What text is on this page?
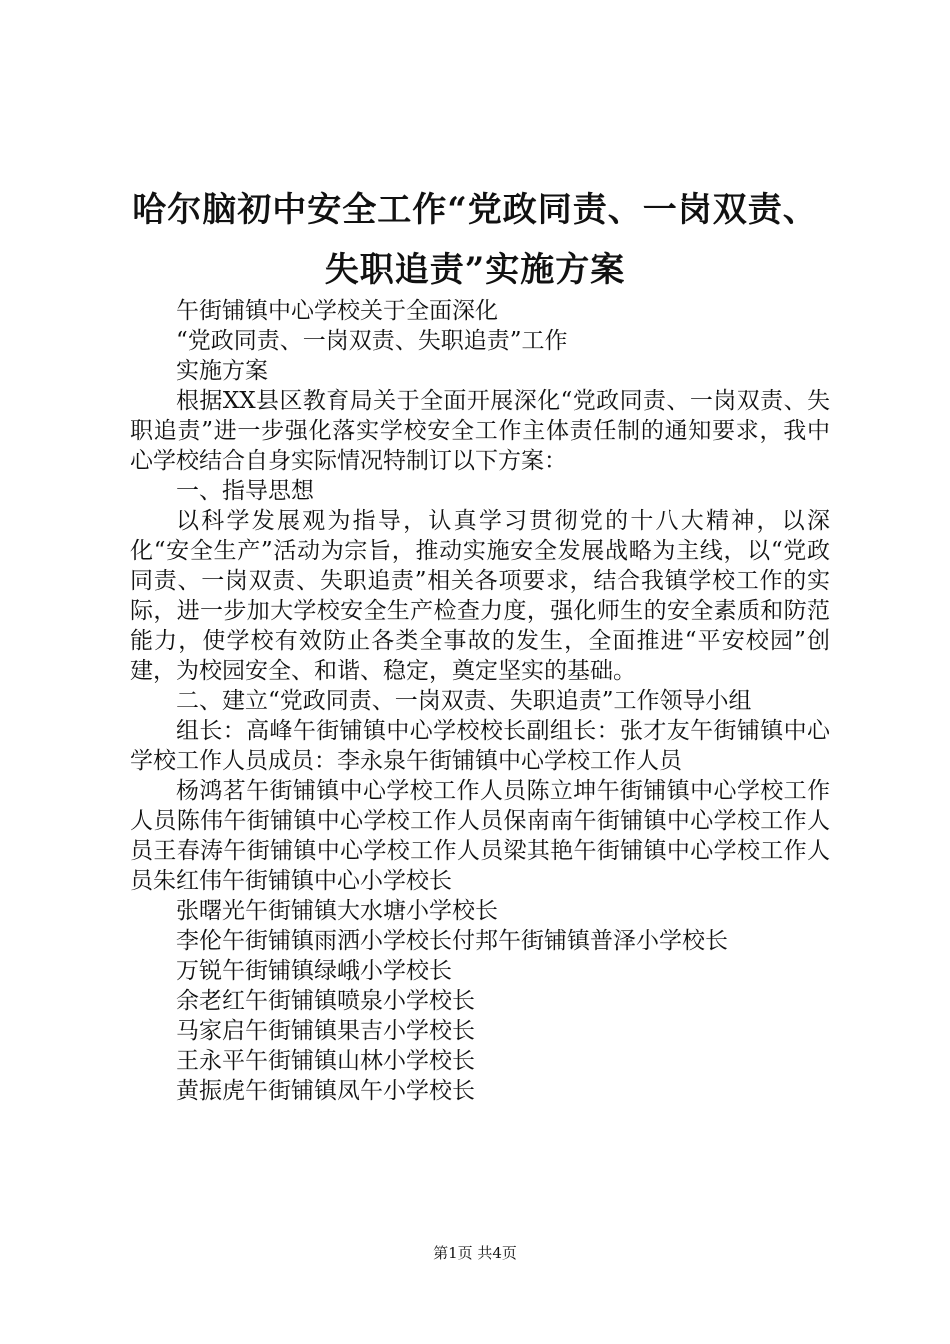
哈尔脑初中安全工作“党政同责、一岗双责、
失职追责”实施方案

午街铺镇中心学校关于全面深化

“党政同责、一岗双责、失职追责”工作

实施方案

根据XX县区教育局关于全面开展深化“党政同责、一岗双责、失职追责”进一步强化落实学校安全工作主体责任制的通知要求，我中心学校结合自身实际情况特制订以下方案：

一、指导思想

以科学发展观为指导，认真学习贯彻党的十八大精神，以深化“安全生产”活动为宗旨，推动实施安全发展战略为主线，以“党政同责、一岗双责、失职追责”相关各项要求，结合我镇学校工作的实际，进一步加大学校安全生产检查力度，强化师生的安全素质和防范能力，使学校有效防止各类全事故的发生，全面推进“平安校园”创建，为校园安全、和谐、稳定，奠定坚实的基础。

二、建立“党政同责、一岗双责、失职追责”工作领导小组

组长：高峰午街铺镇中心学校校长副组长：张才友午街铺镇中心学校工作人员成员：李永泉午街铺镇中心学校工作人员

杨鸿茗午街铺镇中心学校工作人员陈立坤午街铺镇中心学校工作人员陈伟午街铺镇中心学校工作人员保南南午街铺镇中心学校工作人员王春涛午街铺镇中心学校工作人员梁其艳午街铺镇中心学校工作人员朱红伟午街铺镇中心小学校长

张曙光午街铺镇大水塘小学校长

李伦午街铺镇雨洒小学校长付邦午街铺镇普泽小学校长

万锐午街铺镇绿峨小学校长

余老红午街铺镇喷泉小学校长

马家启午街铺镇果吉小学校长

王永平午街铺镇山林小学校长

黄振虎午街铺镇凤午小学校长

第1页 共4页
